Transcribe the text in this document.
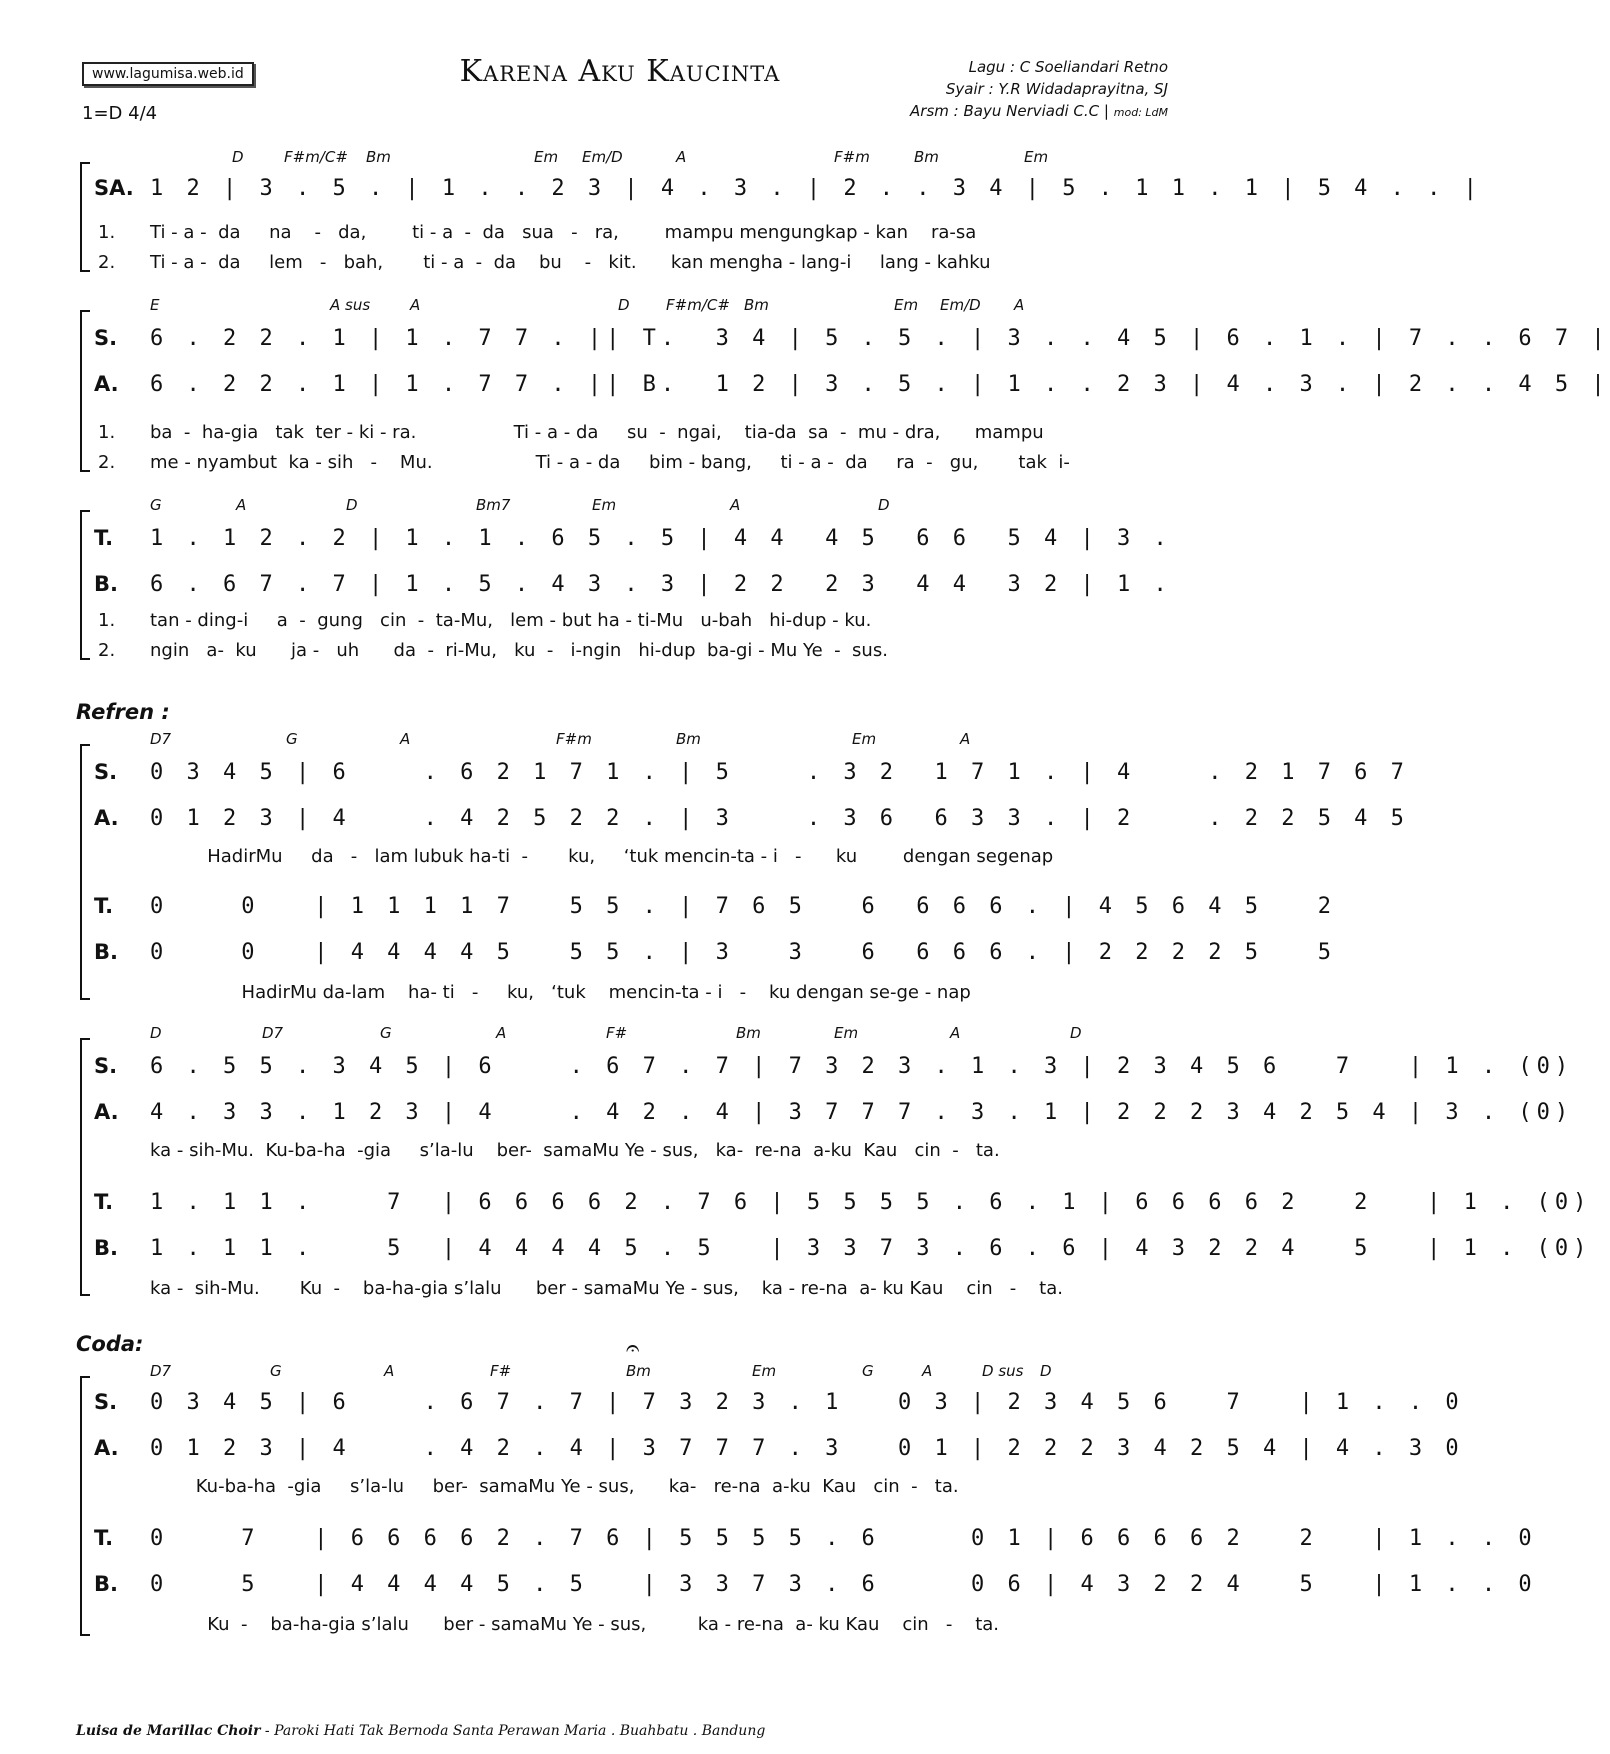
www.lagumisa.web.id
1=D 4/4
Karena Aku Kaucinta	Lagu : C Soeliandari Retno
Syair : Y.R Widadaprayitna, SJ
Arsm : Bayu Nerviadi C.C | mod: LdM
D	F#m/C# Bm	Em Em/D	A	F#m	Bm	Em
SA. 1 2 | 3 . 5 . | 1 . . 2 3 | 4 . 3 . | 2 . . 3 4 | 5 . 1 1 . 1 | 5 4 . . |
1. Ti - a -  da     na    -   da,        ti - a  -  da   sua   -   ra,        mampu mengungkap - kan    ra-sa
2. Ti - a -  da     lem   -   bah,       ti - a  -  da    bu    -   kit.      kan mengha - lang-i     lang - kahku
E	A sus	A	D F#m/C# Bm	Em Em/D A
S. 6 . 2 2 . 1 | 1 . 7 7 . || T.  3 4 | 5 . 5 . | 3 . . 4 5 | 6 . 1 . | 7 . . 6 7 |
A. 6 . 2 2 . 1 | 1 . 7 7 . || B.  1 2 | 3 . 5 . | 1 . . 2 3 | 4 . 3 . | 2 . . 4 5 |
1. ba  -  ha-gia   tak  ter - ki - ra.                 Ti - a - da     su  -  ngai,    tia-da  sa  -  mu - dra,      mampu
2. me - nyambut  ka - sih   -    Mu.                  Ti - a - da     bim - bang,     ti - a -  da     ra  -   gu,       tak  i-
G	A	D	Bm7	Em	A	D
T. 1 . 1 2 . 2 | 1 . 1 . 6 5 . 5 | 4 4  4 5  6 6  5 4 | 3 .
B. 6 . 6 7 . 7 | 1 . 5 . 4 3 . 3 | 2 2  2 3  4 4  3 2 | 1 .
1. tan - ding-i     a  -  gung   cin  -  ta-Mu,   lem - but ha - ti-Mu   u-bah   hi-dup - ku.
2. ngin   a-  ku      ja -   uh      da  -  ri-Mu,   ku  -   i-ngin   hi-dup  ba-gi - Mu Ye  -  sus.
Refren :
D7	G	A	F#m	Bm	Em	A
S. 0 3 4 5 | 6    . 6 2 1 7 1 . | 5    . 3 2  1 7 1 . | 4    . 2 1 7 6 7
A. 0 1 2 3 | 4    . 4 2 5 2 2 . | 3    . 3 6  6 3 3 . | 2    . 2 2 5 4 5
HadirMu     da   -   lam lubuk ha-ti  -       ku,     ‘tuk mencin-ta - i   -      ku        dengan segenap
T. 0    0   | 1 1 1 1 7   5 5 . | 7 6 5   6  6 6 6 . | 4 5 6 4 5   2
B. 0    0   | 4 4 4 4 5   5 5 . | 3   3   6  6 6 6 . | 2 2 2 2 5   5
HadirMu da-lam    ha- ti   -     ku,   ‘tuk    mencin-ta - i   -    ku dengan se-ge - nap
D	D7	G	A	F#	Bm	Em	A	D
S. 6 . 5 5 . 3 4 5 | 6    . 6 7 . 7 | 7 3 2 3 . 1 . 3 | 2 3 4 5 6   7   | 1 . (0)
A. 4 . 3 3 . 1 2 3 | 4    . 4 2 . 4 | 3 7 7 7 . 3 . 1 | 2 2 2 3 4 2 5 4 | 3 . (0)
ka - sih-Mu.  Ku-ba-ha  -gia     s’la-lu    ber-  samaMu Ye - sus,   ka-  re-na  a-ku  Kau   cin  -   ta.
T. 1 . 1 1 .    7  | 6 6 6 6 2 . 7 6 | 5 5 5 5 . 6 . 1 | 6 6 6 6 2   2   | 1 . (0)
B. 1 . 1 1 .    5  | 4 4 4 4 5 . 5   | 3 3 7 3 . 6 . 6 | 4 3 2 2 4   5   | 1 . (0)
ka -  sih-Mu.       Ku  -    ba-ha-gia s’lalu      ber - samaMu Ye - sus,    ka - re-na  a- ku Kau    cin   -    ta.
Coda:
D7	G	A	F#	Bm	Em	G	A	D sus D
S. 0 3 4 5 | 6    . 6 7 . 7 | 7 3 2 3 . 1   0 3 | 2 3 4 5 6   7   | 1 . . 0
A. 0 1 2 3 | 4    . 4 2 . 4 | 3 7 7 7 . 3   0 1 | 2 2 2 3 4 2 5 4 | 4 . 3 0
Ku-ba-ha  -gia     s’la-lu     ber-  samaMu Ye - sus,      ka-   re-na  a-ku  Kau   cin  -   ta.
T. 0    7   | 6 6 6 6 2 . 7 6 | 5 5 5 5 . 6     0 1 | 6 6 6 6 2   2   | 1 . . 0
B. 0    5   | 4 4 4 4 5 . 5   | 3 3 7 3 . 6     0 6 | 4 3 2 2 4   5   | 1 . . 0
Ku  -    ba-ha-gia s’lalu      ber - samaMu Ye - sus,         ka - re-na  a- ku Kau    cin   -    ta.
𝄐
Luisa de Marillac Choir - Paroki Hati Tak Bernoda Santa Perawan Maria . Buahbatu . Bandung
